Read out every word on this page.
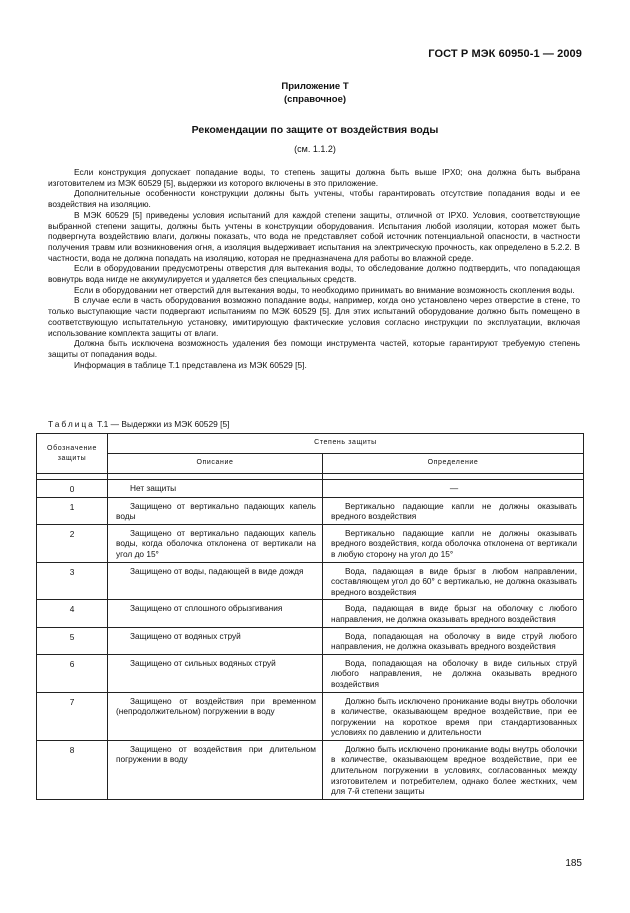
ГОСТ Р МЭК 60950-1 — 2009
Приложение Т
(справочное)
Рекомендации по защите от воздействия воды
(см. 1.1.2)

Если конструкция допускает попадание воды, то степень защиты должна быть выше IPX0; она должна быть выбрана изготовителем из МЭК 60529 [5], выдержки из которого включены в это приложение.

Дополнительные особенности конструкции должны быть учтены, чтобы гарантировать отсутствие попадания воды и ее воздействия на изоляцию.

В МЭК 60529 [5] приведены условия испытаний для каждой степени защиты, отличной от IPX0. Условия, соответствующие выбранной степени защиты, должны быть учтены в конструкции оборудования. Испытания любой изоляции, которая может быть подвергнута воздействию влаги, должны показать, что вода не представляет собой источник потенциальной опасности, в частности получения травм или возникновения огня, а изоляция выдерживает испытания на электрическую прочность, как определено в 5.2.2. В частности, вода не должна попадать на изоляцию, которая не предназначена для работы во влажной среде.

Если в оборудовании предусмотрены отверстия для вытекания воды, то обследование должно подтвердить, что попадающая вовнутрь вода нигде не аккумулируется и удаляется без специальных средств.

Если в оборудовании нет отверстий для вытекания воды, то необходимо принимать во внимание возможность скопления воды.

В случае если в часть оборудования возможно попадание воды, например, когда оно установлено через отверстие в стене, то только выступающие части подвергают испытаниям по МЭК 60529 [5]. Для этих испытаний оборудование должно быть помещено в соответствующую испытательную установку, имитирующую фактические условия согласно инструкции по эксплуатации, включая использование комплекта защиты от влаги.

Должна быть исключена возможность удаления без помощи инструмента частей, которые гарантируют требуемую степень защиты от попадания воды.

Информация в таблице Т.1 представлена из МЭК 60529 [5].

Таблица Т.1 — Выдержки из МЭК 60529 [5]
Обозначение защиты	Степень защиты	
	Описание	Определение

0	Нет защиты	—

1	Защищено от вертикально падающих капель воды	Вертикально падающие капли не должны оказывать вредного воздействия

2	Защищено от вертикально падающих капель воды, когда оболочка отклонена от вертикали на угол до 15°	Вертикально падающие капли не должны оказывать вредного воздействия, когда оболочка отклонена от вертикали в любую сторону на угол до 15°

3	Защищено от воды, падающей в виде дождя	Вода, падающая в виде брызг в любом направлении, составляющем угол до 60° с вертикалью, не должна оказывать вредного воздействия

4	Защищено от сплошного обрызгивания	Вода, падающая в виде брызг на оболочку с любого направления, не должна оказывать вредного воздействия

5	Защищено от водяных струй	Вода, попадающая на оболочку в виде струй любого направления, не должна оказывать вредного воздействия

6	Защищено от сильных водяных струй	Вода, попадающая на оболочку в виде сильных струй любого направления, не должна оказывать вредного воздействия

7	Защищено от воздействия при временном (непродолжительном) погружении в воду	Должно быть исключено проникание воды внутрь оболочки в количестве, оказывающем вредное воздействие, при ее погружении на короткое время при стандартизованных условиях по давлению и длительности

8	Защищено от воздействия при длительном погружении в воду	Должно быть исключено проникание воды внутрь оболочки в количестве, оказывающем вредное воздействие, при ее длительном погружении в условиях, согласованных между изготовителем и потребителем, однако более жесткних, чем для 7-й степени защиты
185
